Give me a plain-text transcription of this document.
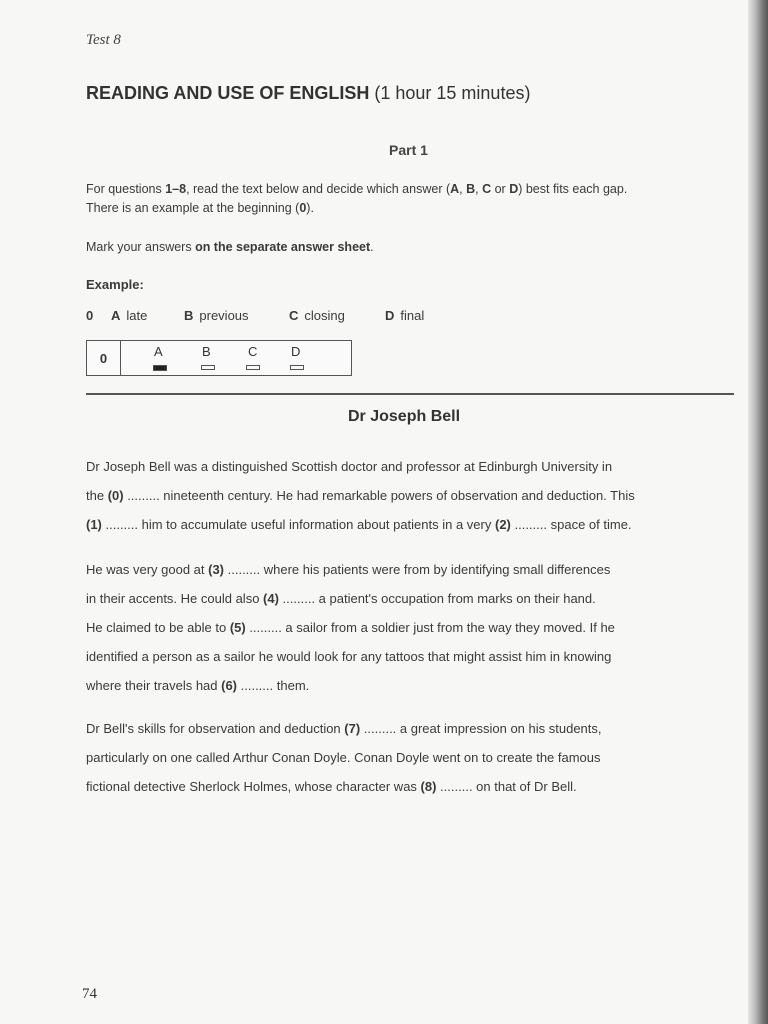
Test 8
READING AND USE OF ENGLISH (1 hour 15 minutes)
Part 1
For questions 1–8, read the text below and decide which answer (A, B, C or D) best fits each gap.
There is an example at the beginning (0).
Mark your answers on the separate answer sheet.
Example:
0	A late	B previous	C closing	D final
0	A	B	C	D
Dr Joseph Bell
Dr Joseph Bell was a distinguished Scottish doctor and professor at Edinburgh University in
the (0) ......... nineteenth century. He had remarkable powers of observation and deduction. This
(1) ......... him to accumulate useful information about patients in a very (2) ......... space of time.
He was very good at (3) ......... where his patients were from by identifying small differences
in their accents. He could also (4) ......... a patient's occupation from marks on their hand.
He claimed to be able to (5) ......... a sailor from a soldier just from the way they moved. If he
identified a person as a sailor he would look for any tattoos that might assist him in knowing
where their travels had (6) ......... them.
Dr Bell's skills for observation and deduction (7) ......... a great impression on his students,
particularly on one called Arthur Conan Doyle. Conan Doyle went on to create the famous
fictional detective Sherlock Holmes, whose character was (8) ......... on that of Dr Bell.
74
